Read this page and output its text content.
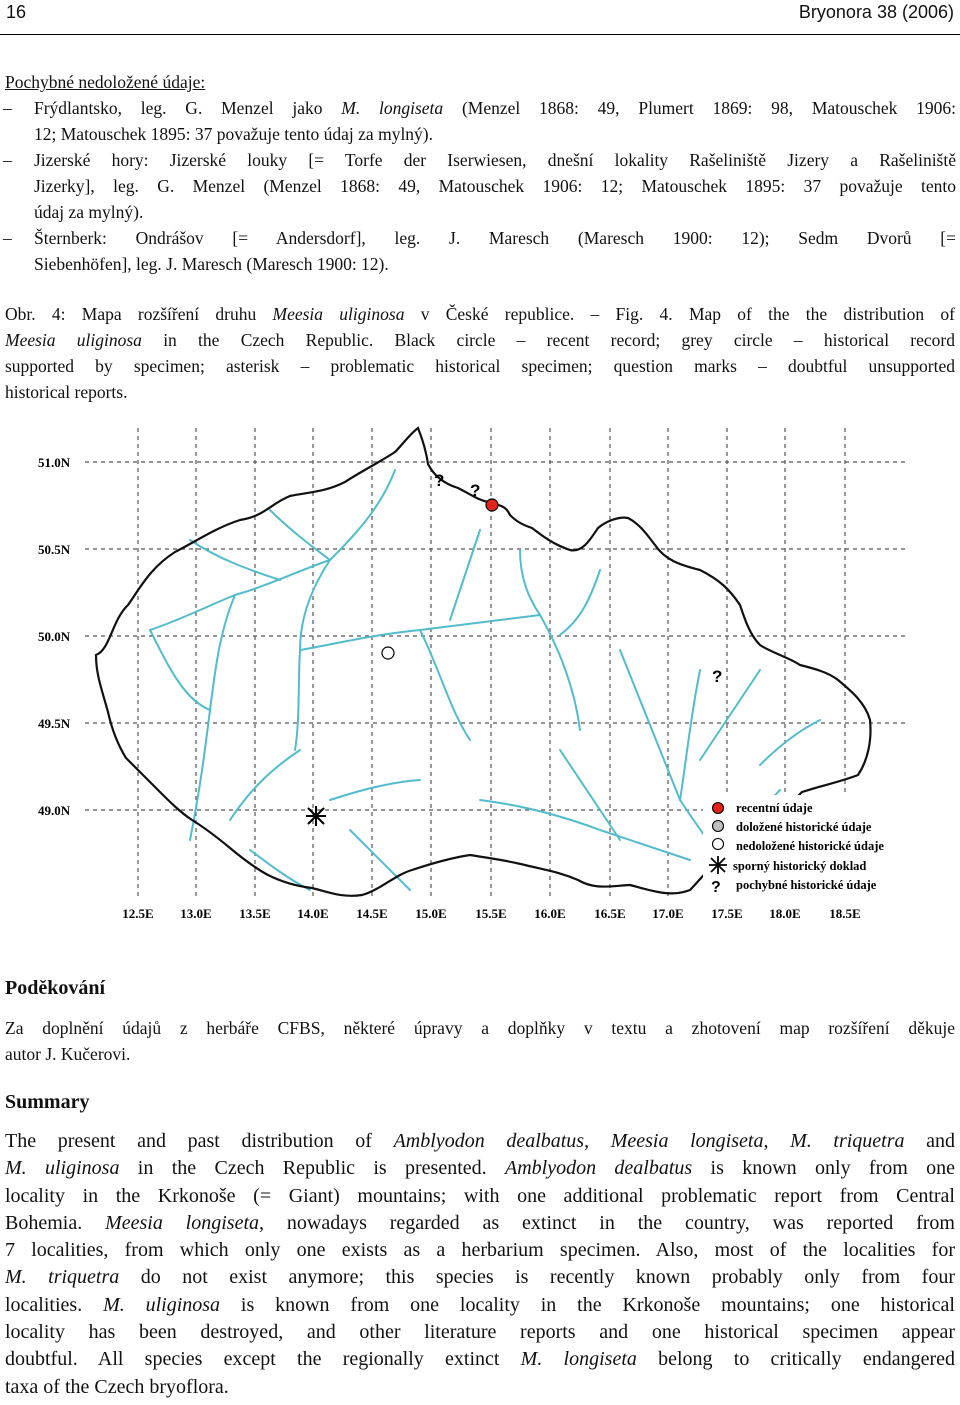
16	Bryonora 38 (2006)
Pochybné nedoložené údaje:
– Frýdlantsko, leg. G. Menzel jako M. longiseta (Menzel 1868: 49, Plumert 1869: 98, Matouschek 1906:
12; Matouschek 1895: 37 považuje tento údaj za mylný).
– Jizerské hory: Jizerské louky [= Torfe der Iserwiesen, dnešní lokality Rašeliniště Jizery a Rašeliniště
Jizerky], leg. G. Menzel (Menzel 1868: 49, Matouschek 1906: 12; Matouschek 1895: 37 považuje tento
údaj za mylný).
– Šternberk: Ondrášov [= Andersdorf], leg. J. Maresch (Maresch 1900: 12); Sedm Dvorů [=
Siebenhöfen], leg. J. Maresch (Maresch 1900: 12).
Obr. 4: Mapa rozšíření druhu Meesia uliginosa v České republice. – Fig. 4. Map of the the distribution of
Meesia uliginosa in the Czech Republic. Black circle – recent record; grey circle – historical record
supported by specimen; asterisk – problematic historical specimen; question marks – doubtful unsupported
historical reports.
51.0N
50.5N
50.0N
49.5N
49.0N
12.5E 13.0E 13.5E 14.0E 14.5E 15.0E 15.5E 16.0E 16.5E 17.0E 17.5E 18.0E 18.5E
?
?
?
recentní údaje
doložené historické údaje
nedoložené historické údaje
sporný historický doklad
? pochybné historické údaje
Poděkování
Za doplnění údajů z herbáře CFBS, některé úpravy a doplňky v textu a zhotovení map rozšíření děkuje
autor J. Kučerovi.
Summary
The present and past distribution of Amblyodon dealbatus, Meesia longiseta, M. triquetra and
M. uliginosa in the Czech Republic is presented. Amblyodon dealbatus is known only from one
locality in the Krkonoše (= Giant) mountains; with one additional problematic report from Central
Bohemia. Meesia longiseta, nowadays regarded as extinct in the country, was reported from
7 localities, from which only one exists as a herbarium specimen. Also, most of the localities for
M. triquetra do not exist anymore; this species is recently known probably only from four
localities. M. uliginosa is known from one locality in the Krkonoše mountains; one historical
locality has been destroyed, and other literature reports and one historical specimen appear
doubtful. All species except the regionally extinct M. longiseta belong to critically endangered
taxa of the Czech bryoflora.
